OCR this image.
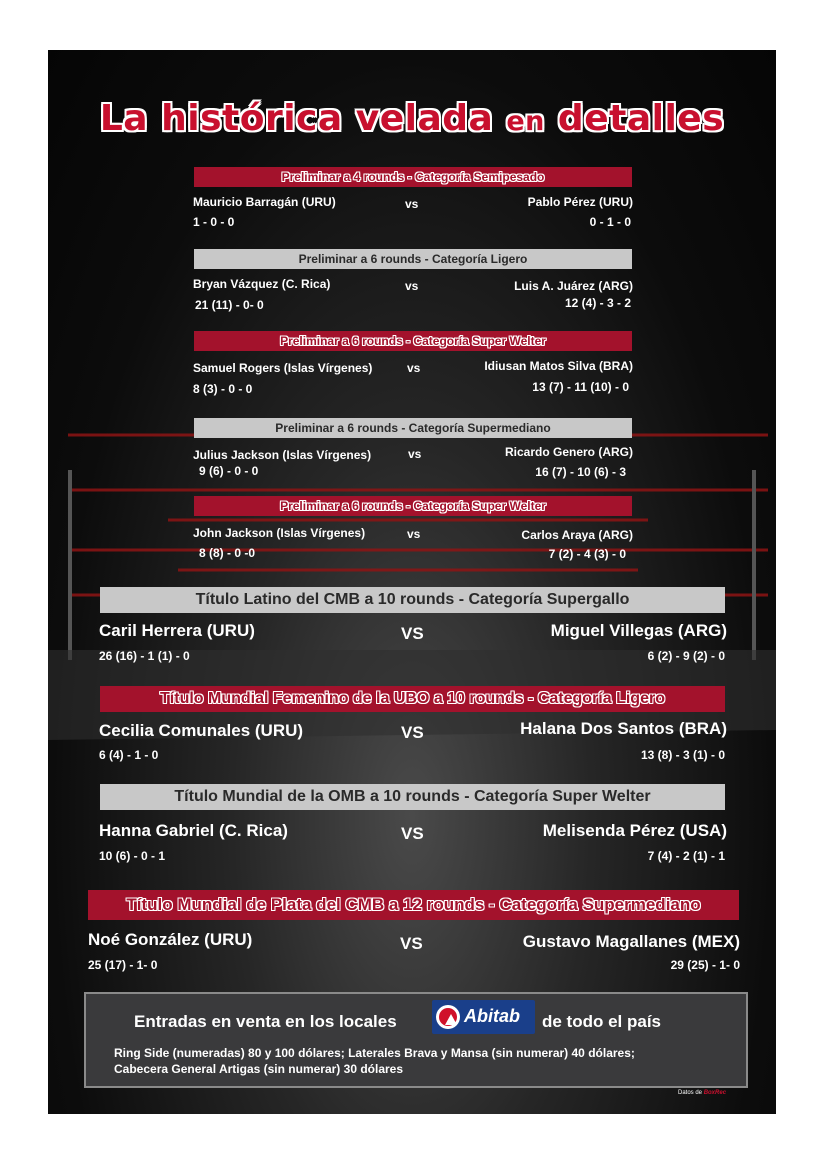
La histórica velada en detalles
Preliminar a 4 rounds - Categoría Semipesado
Mauricio Barragán (URU)	vs	Pablo Pérez (URU)
1 - 0 - 0	0 - 1 - 0
Preliminar a 6 rounds - Categoría Ligero
Bryan Vázquez (C. Rica)	vs	Luis A. Juárez (ARG)
21 (11) - 0- 0	12 (4) - 3 - 2
Preliminar a 6 rounds - Categoría Super Welter
Samuel Rogers (Islas Vírgenes)	vs	Idiusan Matos Silva (BRA)
8 (3) - 0 - 0	13 (7) - 11 (10) - 0
Preliminar a 6 rounds - Categoría Supermediano
Julius Jackson (Islas Vírgenes)	vs	Ricardo Genero (ARG)
9 (6) - 0 - 0	16 (7) - 10 (6) - 3
Preliminar a 6 rounds - Categoría Super Welter
John Jackson (Islas Vírgenes)	vs	Carlos Araya (ARG)
8 (8) - 0 -0	7 (2) - 4 (3) - 0
Título Latino del CMB a 10 rounds - Categoría Supergallo
Caril Herrera (URU)	VS	Miguel Villegas (ARG)
26 (16) - 1 (1) - 0	6 (2) - 9 (2) - 0
Título Mundial Femenino de la UBO a 10 rounds - Categoría Ligero
Cecilia Comunales (URU)	VS	Halana Dos Santos (BRA)
6 (4) - 1 - 0	13 (8) - 3 (1) - 0
Título Mundial de la OMB a 10 rounds - Categoría Super Welter
Hanna Gabriel (C. Rica)	VS	Melisenda Pérez (USA)
10 (6) - 0 - 1	7 (4) - 2 (1) - 1
Título Mundial de Plata del CMB a 12 rounds - Categoría Supermediano
Noé González (URU)	VS	Gustavo Magallanes (MEX)
25 (17) - 1- 0	29 (25) - 1- 0
Entradas en venta en los locales	Abitab de todo el país
Ring Side (numeradas) 80 y 100 dólares; Laterales Brava y Mansa (sin numerar) 40 dólares;
Cabecera General Artigas (sin numerar) 30 dólares
Datos de BoxRec
